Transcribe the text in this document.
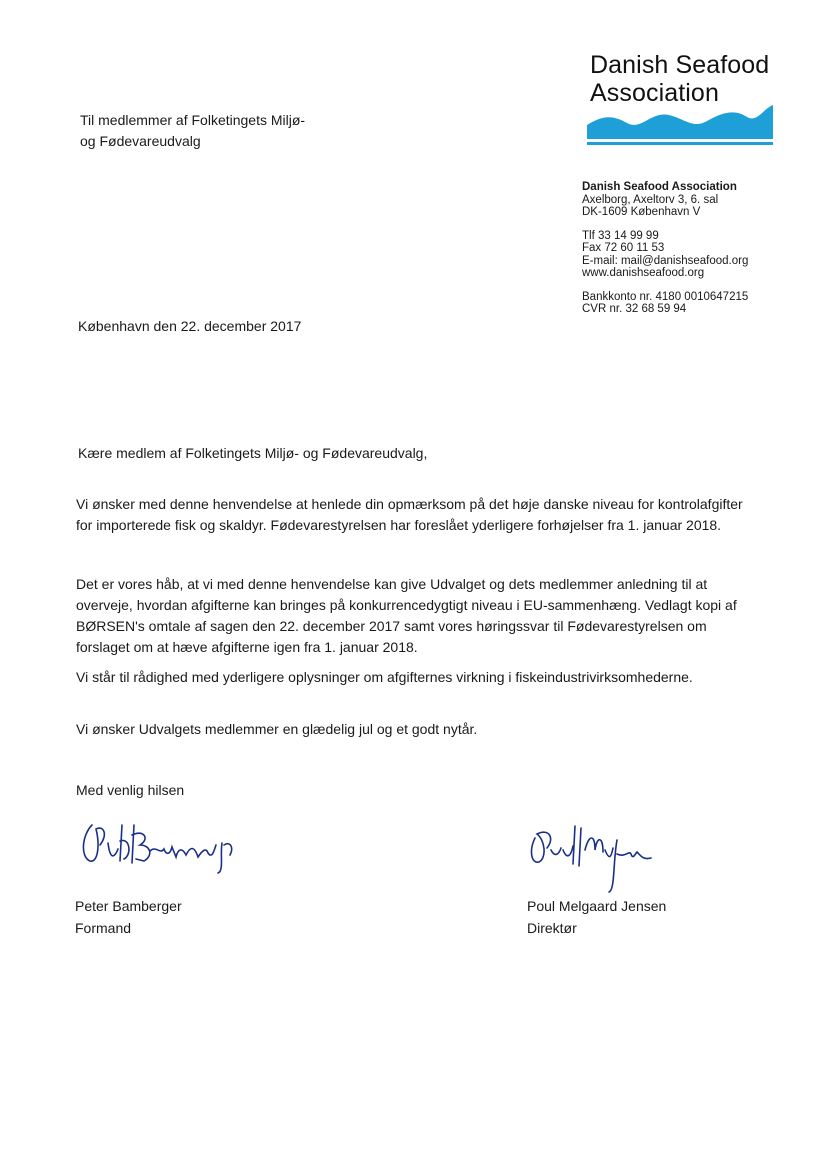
Til medlemmer af Folketingets Miljø-
og Fødevareudvalg
Danish Seafood
Association
Danish Seafood Association
Axelborg, Axeltorv 3, 6. sal
DK-1609 København V
Tlf 33 14 99 99
Fax 72 60 11 53
E-mail: mail@danishseafood.org
www.danishseafood.org
Bankkonto nr. 4180 0010647215
CVR nr. 32 68 59 94
København den 22. december 2017
Kære medlem af Folketingets Miljø- og Fødevareudvalg,
Vi ønsker med denne henvendelse at henlede din opmærksom på det høje danske niveau for kontrolafgifter for importerede fisk og skaldyr. Fødevarestyrelsen har foreslået yderligere forhøjelser fra 1. januar 2018.
Det er vores håb, at vi med denne henvendelse kan give Udvalget og dets medlemmer anledning til at overveje, hvordan afgifterne kan bringes på konkurrencedygtigt niveau i EU-sammenhæng. Vedlagt kopi af BØRSEN's omtale af sagen den 22. december 2017 samt vores høringssvar til Fødevarestyrelsen om forslaget om at hæve afgifterne igen fra 1. januar 2018.
Vi står til rådighed med yderligere oplysninger om afgifternes virkning i fiskeindustrivirksomhederne.
Vi ønsker Udvalgets medlemmer en glædelig jul og et godt nytår.
Med venlig hilsen
Peter Bamberger
Formand
Poul Melgaard Jensen
Direktør
